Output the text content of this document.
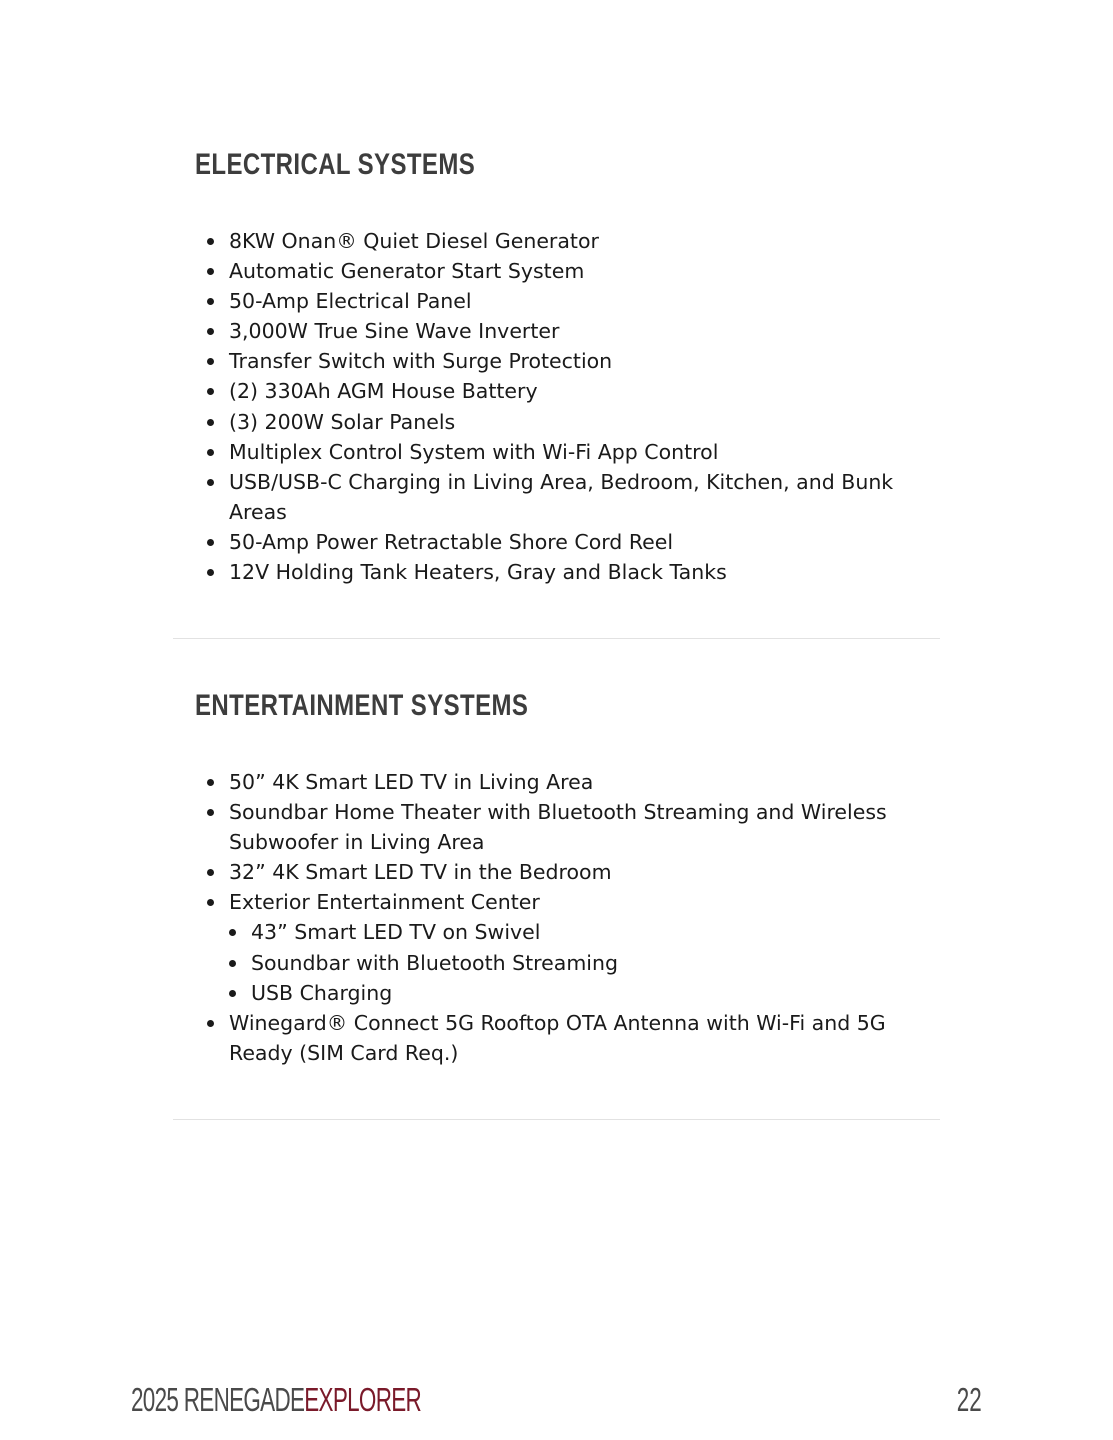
ELECTRICAL SYSTEMS
8KW Onan® Quiet Diesel Generator
Automatic Generator Start System
50-Amp Electrical Panel
3,000W True Sine Wave Inverter
Transfer Switch with Surge Protection
(2) 330Ah AGM House Battery
(3) 200W Solar Panels
Multiplex Control System with Wi-Fi App Control
USB/USB-C Charging in Living Area, Bedroom, Kitchen, and Bunk Areas
50-Amp Power Retractable Shore Cord Reel
12V Holding Tank Heaters, Gray and Black Tanks
ENTERTAINMENT SYSTEMS
50” 4K Smart LED TV in Living Area
Soundbar Home Theater with Bluetooth Streaming and Wireless Subwoofer in Living Area
32” 4K Smart LED TV in the Bedroom
Exterior Entertainment Center
43” Smart LED TV on Swivel
Soundbar with Bluetooth Streaming
USB Charging
Winegard® Connect 5G Rooftop OTA Antenna with Wi-Fi and 5G Ready (SIM Card Req.)
2025 RENEGADEEXPLORER	22
